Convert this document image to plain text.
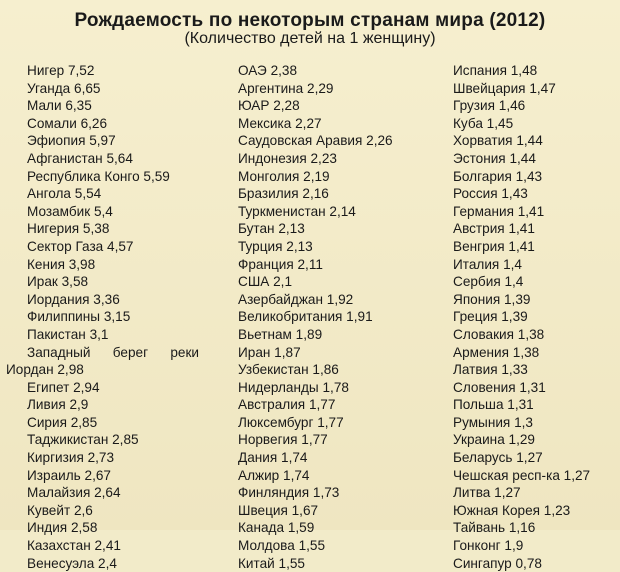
Рождаемость по некоторым странам мира (2012)
(Количество детей на 1 женщину)
Нигер 7,52
Уганда 6,65
Мали 6,35
Сомали 6,26
Эфиопия 5,97
Афганистан 5,64
Республика Конго 5,59
Ангола 5,54
Мозамбик 5,4
Нигерия 5,38
Сектор Газа 4,57
Кения 3,98
Ирак 3,58
Иордания 3,36
Филиппины 3,15
Пакистан 3,1
Западный берег реки
Иордан 2,98
Египет 2,94
Ливия 2,9
Сирия 2,85
Таджикистан 2,85
Киргизия 2,73
Израиль 2,67
Малайзия 2,64
Кувейт 2,6
Индия 2,58
Казахстан 2,41
Венесуэла 2,4
ОАЭ 2,38
Аргентина 2,29
ЮАР 2,28
Мексика 2,27
Саудовская Аравия 2,26
Индонезия 2,23
Монголия 2,19
Бразилия 2,16
Туркменистан 2,14
Бутан 2,13
Турция 2,13
Франция 2,11
США 2,1
Азербайджан 1,92
Великобритания 1,91
Вьетнам 1,89
Иран 1,87
Узбекистан 1,86
Нидерланды 1,78
Австралия 1,77
Люксембург 1,77
Норвегия 1,77
Дания 1,74
Алжир 1,74
Финляндия 1,73
Швеция 1,67
Канада 1,59
Молдова 1,55
Китай 1,55
Испания 1,48
Швейцария 1,47
Грузия 1,46
Куба 1,45
Хорватия 1,44
Эстония 1,44
Болгария 1,43
Россия 1,43
Германия 1,41
Австрия 1,41
Венгрия 1,41
Италия 1,4
Сербия 1,4
Япония 1,39
Греция 1,39
Словакия 1,38
Армения 1,38
Латвия 1,33
Словения 1,31
Польша 1,31
Румыния 1,3
Украина 1,29
Беларусь 1,27
Чешская респ-ка 1,27
Литва 1,27
Южная Корея 1,23
Тайвань 1,16
Гонконг 1,9
Сингапур 0,78
